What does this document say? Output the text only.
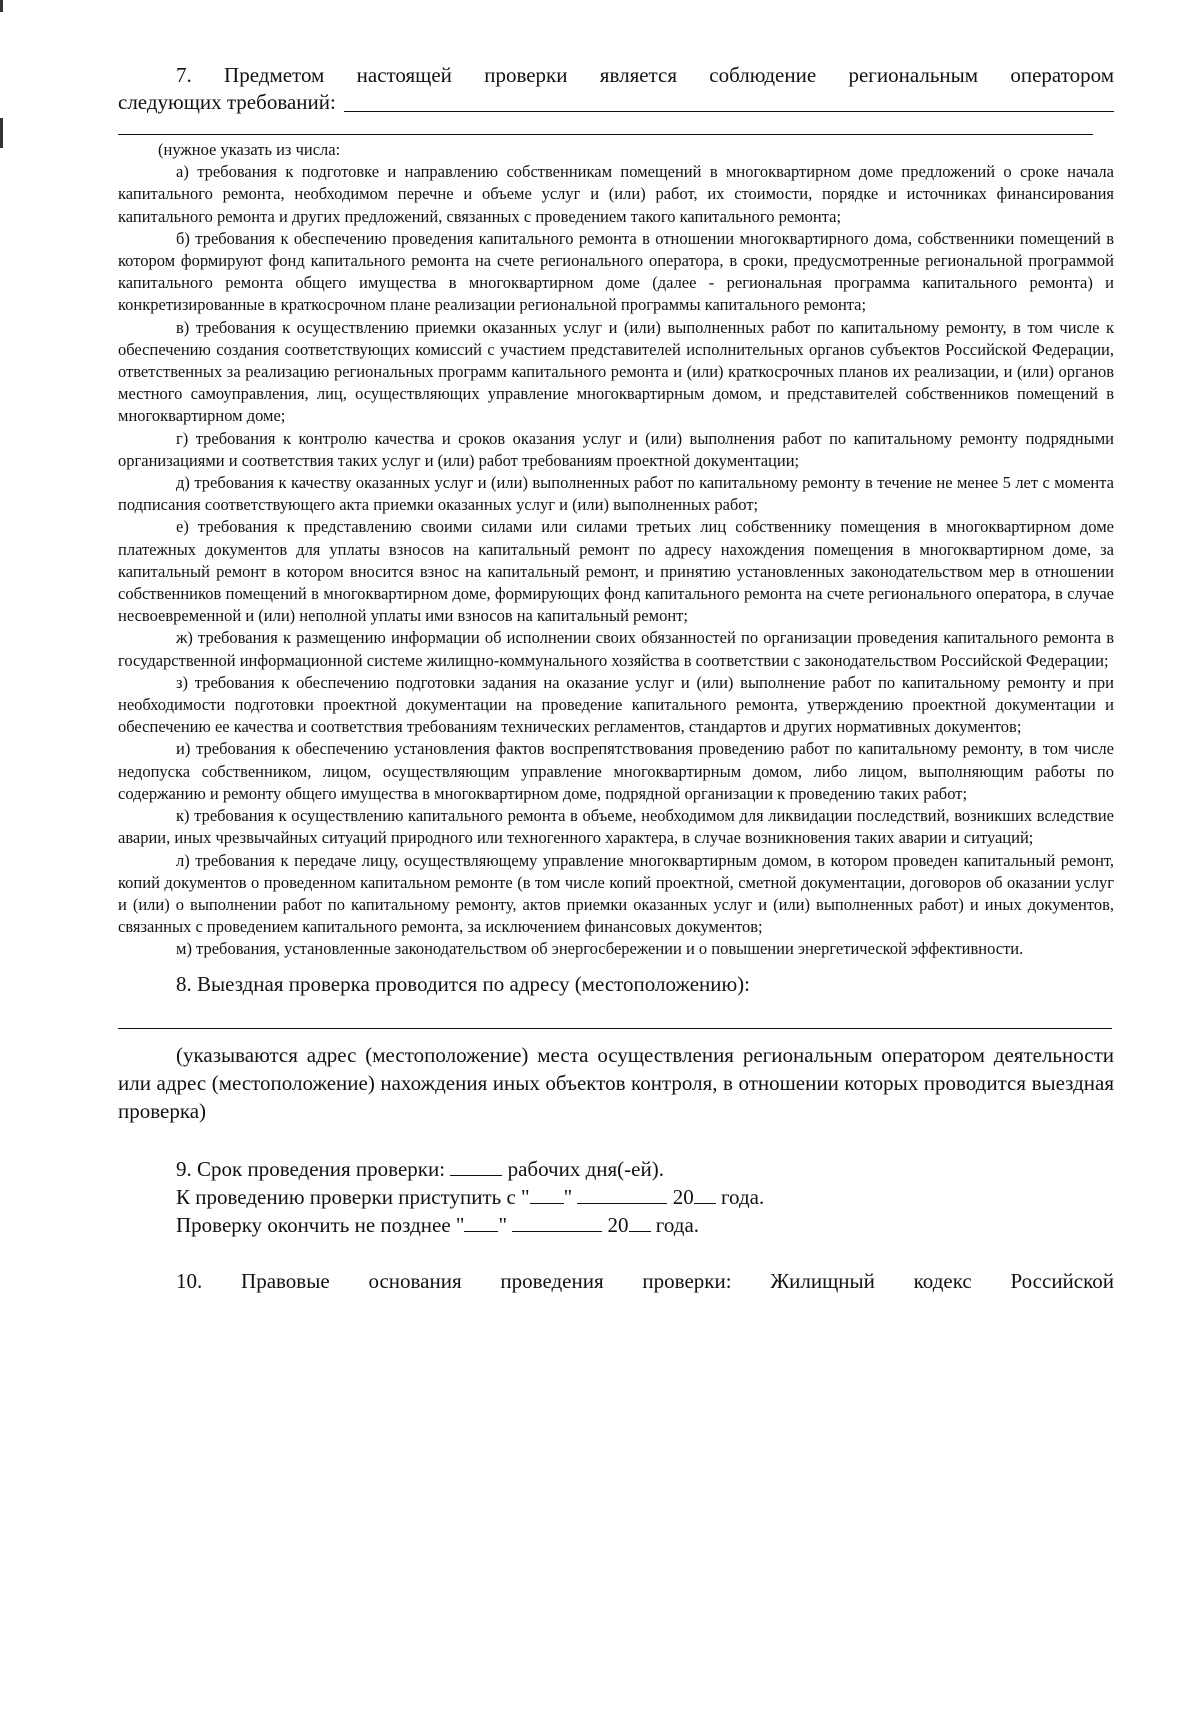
7. Предметом настоящей проверки является соблюдение региональным оператором

следующих требований:

(нужное указать из числа:

а) требования к подготовке и направлению собственникам помещений в многоквартирном доме предложений о сроке начала капитального ремонта, необходимом перечне и объеме услуг и (или) работ, их стоимости, порядке и источниках финансирования капитального ремонта и других предложений, связанных с проведением такого капитального ремонта;

б) требования к обеспечению проведения капитального ремонта в отношении многоквартирного дома, собственники помещений в котором формируют фонд капитального ремонта на счете регионального оператора, в сроки, предусмотренные региональной программой капитального ремонта общего имущества в многоквартирном доме (далее - региональная программа капитального ремонта) и конкретизированные в краткосрочном плане реализации региональной программы капитального ремонта;

в) требования к осуществлению приемки оказанных услуг и (или) выполненных работ по капитальному ремонту, в том числе к обеспечению создания соответствующих комиссий с участием представителей исполнительных органов субъектов Российской Федерации, ответственных за реализацию региональных программ капитального ремонта и (или) краткосрочных планов их реализации, и (или) органов местного самоуправления, лиц, осуществляющих управление многоквартирным домом, и представителей собственников помещений в многоквартирном доме;

г) требования к контролю качества и сроков оказания услуг и (или) выполнения работ по капитальному ремонту подрядными организациями и соответствия таких услуг и (или) работ требованиям проектной документации;

д) требования к качеству оказанных услуг и (или) выполненных работ по капитальному ремонту в течение не менее 5 лет с момента подписания соответствующего акта приемки оказанных услуг и (или) выполненных работ;

е) требования к представлению своими силами или силами третьих лиц собственнику помещения в многоквартирном доме платежных документов для уплаты взносов на капитальный ремонт по адресу нахождения помещения в многоквартирном доме, за капитальный ремонт в котором вносится взнос на капитальный ремонт, и принятию установленных законодательством мер в отношении собственников помещений в многоквартирном доме, формирующих фонд капитального ремонта на счете регионального оператора, в случае несвоевременной и (или) неполной уплаты ими взносов на капитальный ремонт;

ж) требования к размещению информации об исполнении своих обязанностей по организации проведения капитального ремонта в государственной информационной системе жилищно-коммунального хозяйства в соответствии с законодательством Российской Федерации;

з) требования к обеспечению подготовки задания на оказание услуг и (или) выполнение работ по капитальному ремонту и при необходимости подготовки проектной документации на проведение капитального ремонта, утверждению проектной документации и обеспечению ее качества и соответствия требованиям технических регламентов, стандартов и других нормативных документов;

и) требования к обеспечению установления фактов воспрепятствования проведению работ по капитальному ремонту, в том числе недопуска собственником, лицом, осуществляющим управление многоквартирным домом, либо лицом, выполняющим работы по содержанию и ремонту общего имущества в многоквартирном доме, подрядной организации к проведению таких работ;

к) требования к осуществлению капитального ремонта в объеме, необходимом для ликвидации последствий, возникших вследствие аварии, иных чрезвычайных ситуаций природного или техногенного характера, в случае возникновения таких аварии и ситуаций;

л) требования к передаче лицу, осуществляющему управление многоквартирным домом, в котором проведен капитальный ремонт, копий документов о проведенном капитальном ремонте (в том числе копий проектной, сметной документации, договоров об оказании услуг и (или) о выполнении работ по капитальному ремонту, актов приемки оказанных услуг и (или) выполненных работ) и иных документов, связанных с проведением капитального ремонта, за исключением финансовых документов;

м) требования, установленные законодательством об энергосбережении и о повышении энергетической эффективности.

8. Выездная проверка проводится по адресу (местоположению):

(указываются адрес (местоположение) места осуществления региональным оператором деятельности или адрес (местоположение) нахождения иных объектов контроля, в отношении которых проводится выездная проверка)

9. Срок проведения проверки:	рабочих дня(-ей).
К проведению проверки приступить с " "	20 года.
Проверку окончить не позднее " "	20 года.

10. Правовые основания проведения проверки: Жилищный кодекс Российской
